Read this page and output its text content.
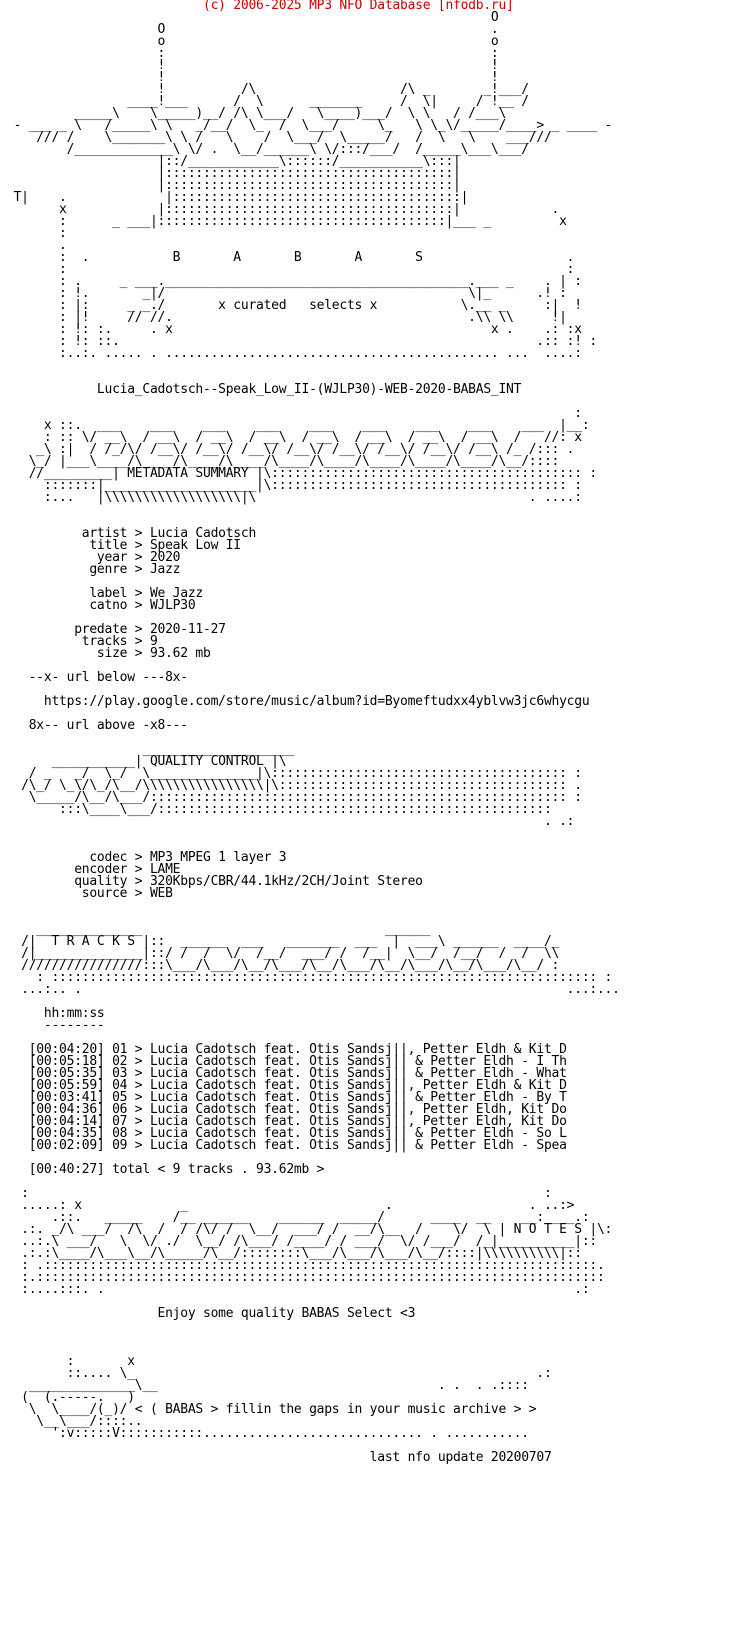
(c) 2006-2025 MP3 NFO Database [nfodb.ru]
O
O                                           .
o                                           o
:                                           :
!                                           !
!                                           !
!          /\                   /\ _       _!___/
____!___      /  \      _______     /  \|     / !__ /
_____\    \_____)__/ /\ \___/   \____)___/  \ \   / /___\
- ___ _ \   /_____\ \   _/__/  \_  /  \___/     \_   \ \_\/_____/____> _ ____ -
/// /    \_______\ \ /   \    /  \___/  \_____/   /  \   \    ___///
/_____________\ \/ .  \__/______\ \/:::/___/  /_____\___\___/
|::/____________\::::::/___________\:::|
|::::::::::::::::::::::::::::::::::::::|
|::::::::::::::::::::::::::::::::::::::|
T|    .             |::::::::::::::::::::::::::::::::::::::|
x            |::::::::::::::::::::::::::::::::::::::|            .
:      _ ___|::::::::::::::::::::::::::::::::::::::|___ _         x
:
.
:  .           B       A       B       A       S                   .
:                                                                  :
: .     _ ___.________________________________________.___ _    . | :
: !.       _|/                                        \|_      .! :
: |:     _ _./       x curated   selects x           \.__ _     :|  !
: |!     // //.                                       .\\ \\     !|
: !: :.     . x                                          x .    .: :x
: !: ::.                                                       .:: :! :
:..:. ..... . ............................................ ...  ....:
Lucia_Cadotsch--Speak_Low_II-(WJLP30)-WEB-2020-BABAS_INT
:
x ::.  ___    ___    ___    ___    ___    ___    ___    ___    ___  |__:
: :: \/ __\  / __\  / __\  / __\  / __\  / __\  / __\  / __\  /   //: x
_\ :|  / /_/\/ /__\/ /__\/ /__\/ /__\/ /__\/ /__\/ /__\/ /__\ /_ /::: .
\_/ |___\____/\____/\____/\____/\____/\____/\____/\____/\____/\__/::::
//_________| METADATA SUMMARY |\::::::::::::::::::::::::::::::::::::::::: :
:::::::|____________________|\::::::::::::::::::::::::::::::::::::::: :
:...   |\\\\\\\\\\\\\\\\\\|\                                    . ....:
artist > Lucia Cadotsch
title > Speak Low II
year > 2020
genre > Jazz
label > We Jazz
catno > WJLP30
predate > 2020-11-27
tracks > 9
size > 93.62 mb
--x- url below ---8x-
https://play.google.com/store/music/album?id=Byomeftudxx4yblvw3jc6whycgu
8x-- url above -x8---
____________________
___________| QUALITY CONTROL |\
/ _   _/  \_/  \______________|\::::::::::::::::::::::::::::::::::::::: :
/\_/ \_\/\_/\__/\\\\\\\\\\\\\\\\|\:::::::::::::::::::::::::::::::::::::: .
\_____/\__/\___/::::::::::::::::::::::::::::::::::::::::::::::::::::::: :
:::\____\___/::::::::::::::::::::::::::::::::::::::::::::::::::::
. .:
codec > MP3 MPEG 1 layer 3
encoder > LAME
quality > 320Kbps/CBR/44.1kHz/2CH/Joint Stereo
source > WEB
______________                                ______
/|  T R A C K S |::  ______  ___   _______  ___  |  ___\ ______  ____/_
/|______________|::/ /  /  \/  /__/  ___/ /  /__|  \__/  /__/  /  /  \\
////////////////:::\___/\___/\__/\___/\__/\___/\__/\___/\__/\___/\__/ :
: :::::::::::::::::::::::::::::::::::::::::::::::::::::::::::::::::::::::: :
...:.. .                                                                ...:...
hh:mm:ss
--------
[00:04:20] 01 > Lucia Cadotsch feat. Otis Sandsj||, Petter Eldh & Kit D
[00:05:18] 02 > Lucia Cadotsch feat. Otis Sandsj|| & Petter Eldh - I Th
[00:05:35] 03 > Lucia Cadotsch feat. Otis Sandsj|| & Petter Eldh - What
[00:05:59] 04 > Lucia Cadotsch feat. Otis Sandsj||, Petter Eldh & Kit D
[00:03:41] 05 > Lucia Cadotsch feat. Otis Sandsj|| & Petter Eldh - By T
[00:04:36] 06 > Lucia Cadotsch feat. Otis Sandsj||, Petter Eldh, Kit Do
[00:04:14] 07 > Lucia Cadotsch feat. Otis Sandsj||, Petter Eldh, Kit Do
[00:04:35] 08 > Lucia Cadotsch feat. Otis Sandsj|| & Petter Eldh - So L
[00:02:09] 09 > Lucia Cadotsch feat. Otis Sandsj|| & Petter Eldh - Spea
[00:40:27] total < 9 tracks . 93.62mb >
:                                                                    :
.....: x             _                          .                  . ..:>
.::.   _____    /__ ______    ______  _____/      ____  __    __:____.:
.:. _/\ ___/  /\  /  / /\/ /  \__/  ___/ /  __/\__  /    \/  \ | N O T E S |\:
..:.\ ___/   \  \/ ./  \__/ /\___/ /____/ / ___/  \/ /___/  /_|__________|::
.:.:\____/\___\__/\_____/\__/::::::::\___/\___/\___/\__/::::|\\\\\\\\\\|::
: .:::::::::::::::::::::::::::::::::::::::::::::::::::::::::::::::::::::::::.
:.:::::::::::::::::::::::::::::::::::::::::::::::::::::::::::::::::::::::::::
:....:::. .                                                              .:
Enjoy some quality BABAS Select <3
:       x
::.... \_                                                     .:
______________\__                                     . .  . .::::
(  (.-----.   )
\  \____/(_)/ < ( BABAS > fillin the gaps in your music archive > >
\__\___/::::..
':v:::::V:::::::::::............................. . ...........
last nfo update 20200707
